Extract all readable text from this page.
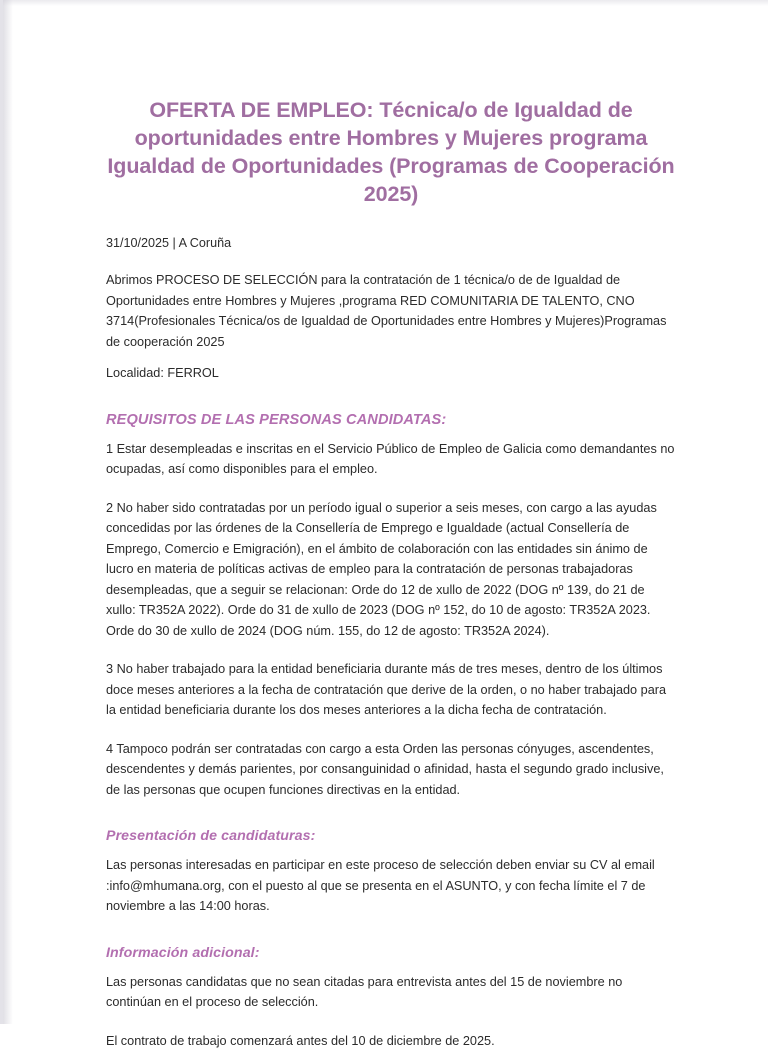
OFERTA DE EMPLEO: Técnica/o de Igualdad de oportunidades entre Hombres y Mujeres programa Igualdad de Oportunidades (Programas de Cooperación 2025)

31/10/2025 | A Coruña

Abrimos PROCESO DE SELECCIÓN para la contratación de 1 técnica/o de de Igualdad de Oportunidades entre Hombres y Mujeres ,programa RED COMUNITARIA DE TALENTO, CNO 3714(Profesionales Técnica/os de Igualdad de Oportunidades entre Hombres y Mujeres)Programas de cooperación 2025

Localidad: FERROL

REQUISITOS DE LAS PERSONAS CANDIDATAS:

1 Estar desempleadas e inscritas en el Servicio Público de Empleo de Galicia como demandantes no ocupadas, así como disponibles para el empleo.

2 No haber sido contratadas por un período igual o superior a seis meses, con cargo a las ayudas concedidas por las órdenes de la Consellería de Emprego e Igualdade (actual Consellería de Emprego, Comercio e Emigración), en el ámbito de colaboración con las entidades sin ánimo de lucro en materia de políticas activas de empleo para la contratación de personas trabajadoras desempleadas, que a seguir se relacionan: Orde do 12 de xullo de 2022 (DOG nº 139, do 21 de xullo: TR352A 2022). Orde do 31 de xullo de 2023 (DOG nº 152, do 10 de agosto: TR352A 2023. Orde do 30 de xullo de 2024 (DOG núm. 155, do 12 de agosto: TR352A 2024).

3 No haber trabajado para la entidad beneficiaria durante más de tres meses, dentro de los últimos doce meses anteriores a la fecha de contratación que derive de la orden, o no haber trabajado para la entidad beneficiaria durante los dos meses anteriores a la dicha fecha de contratación.

4 Tampoco podrán ser contratadas con cargo a esta Orden las personas cónyuges, ascendentes, descendentes y demás parientes, por consanguinidad o afinidad, hasta el segundo grado inclusive, de las personas que ocupen funciones directivas en la entidad.

Presentación de candidaturas:

Las personas interesadas en participar en este proceso de selección deben enviar su CV al email :info@mhumana.org, con el puesto al que se presenta en el ASUNTO, y con fecha límite el 7 de noviembre a las 14:00 horas.

Información adicional:

Las personas candidatas que no sean citadas para entrevista antes del 15 de noviembre no continúan en el proceso de selección.

El contrato de trabajo comenzará antes del 10 de diciembre de 2025.
